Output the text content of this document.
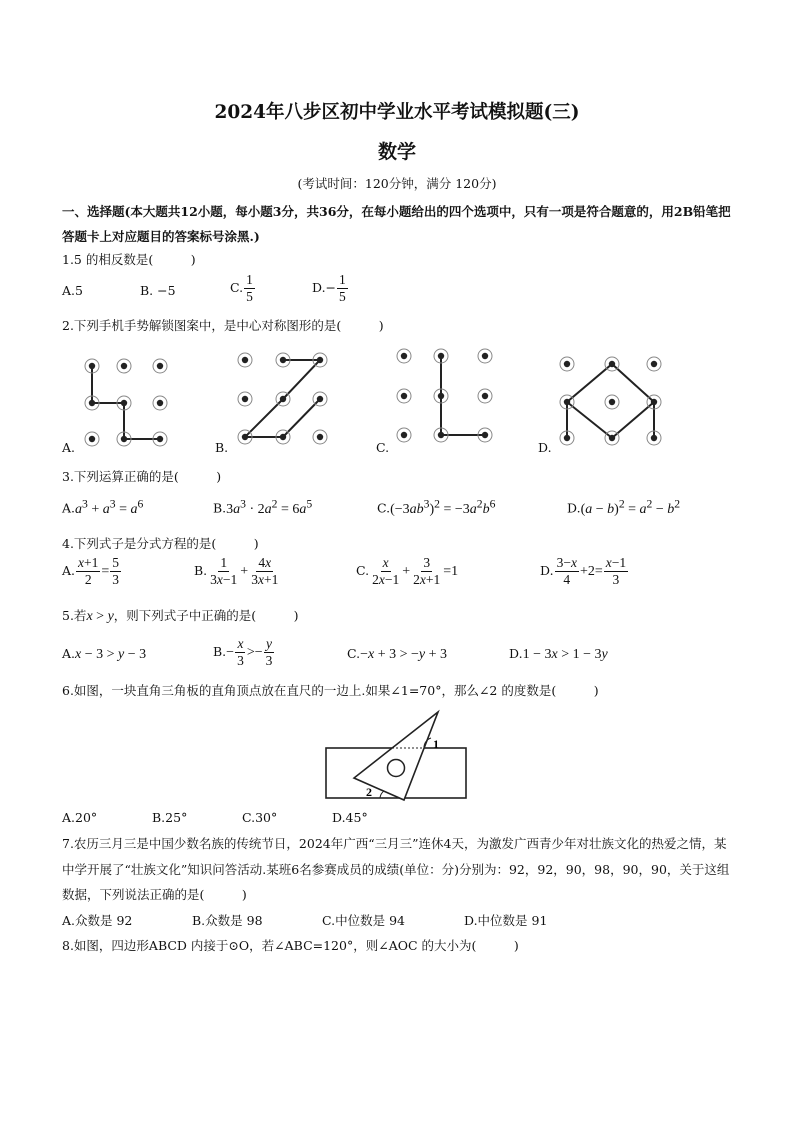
2024年八步区初中学业水平考试模拟题(三)
数学
(考试时间：120分钟，满分 120分)
一、选择题(本大题共12小题，每小题3分，共36分，在每小题给出的四个选项中，只有一项是符合题意的，用2B铅笔把答题卡上对应题目的答案标号涂黑.)
1.5 的相反数是(　　　)
A.5	B. −5	C. $\frac{1}{5}$	$D.- \frac{1}{5}$
2.下列手机手势解锁图案中，是中心对称图形的是(　　　)
A.	B.	C.	D.
3.下列运算正确的是(　　　)
$A.a^3 + a^3 = a^6$	$B.3a^3 \cdot 2a^2 = 6a^5$	$C.(-3ab^3)^2 = -3a^2b^6$	$D.(a - b)^2 = a^2 - b^2$
4.下列式子是分式方程的是(　　　)
A. $\frac{x+1}{2} = \frac{5}{3}$	B. $\frac{1}{3x-1} + \frac{4x}{3x+1}$	C. $\frac{x}{2x-1} + \frac{3}{2x+1} =1$	D. $\frac{3-x}{4} +2= \frac{x-1}{3}$
5.若x > y，则下列式子中正确的是(　　　)
A.x − 3 > y − 3	$B.- \frac{x}{3} >- \frac{y}{3}$	C.−x + 3 > −y + 3	D.1 − 3x > 1 − 3y
6.如图，一块直角三角板的直角顶点放在直尺的一边上.如果∠1=70°，那么∠2 的度数是(　　　)
1
2
A.20°	B.25°	C.30°	D.45°
7.农历三月三是中国少数名族的传统节日，2024年广西“三月三”连休4天，为激发广西青少年对壮族文化的热爱之情，某中学开展了“壮族文化”知识问答活动.某班6名参赛成员的成绩(单位：分)分别为：92，92，90，98，90，90，关于这组数据，下列说法正确的是(　　　)
A.众数是 92	B.众数是 98	C.中位数是 94	D.中位数是 91
8.如图，四边形ABCD 内接于⊙O，若∠ABC=120°，则∠AOC 的大小为(　　　)
